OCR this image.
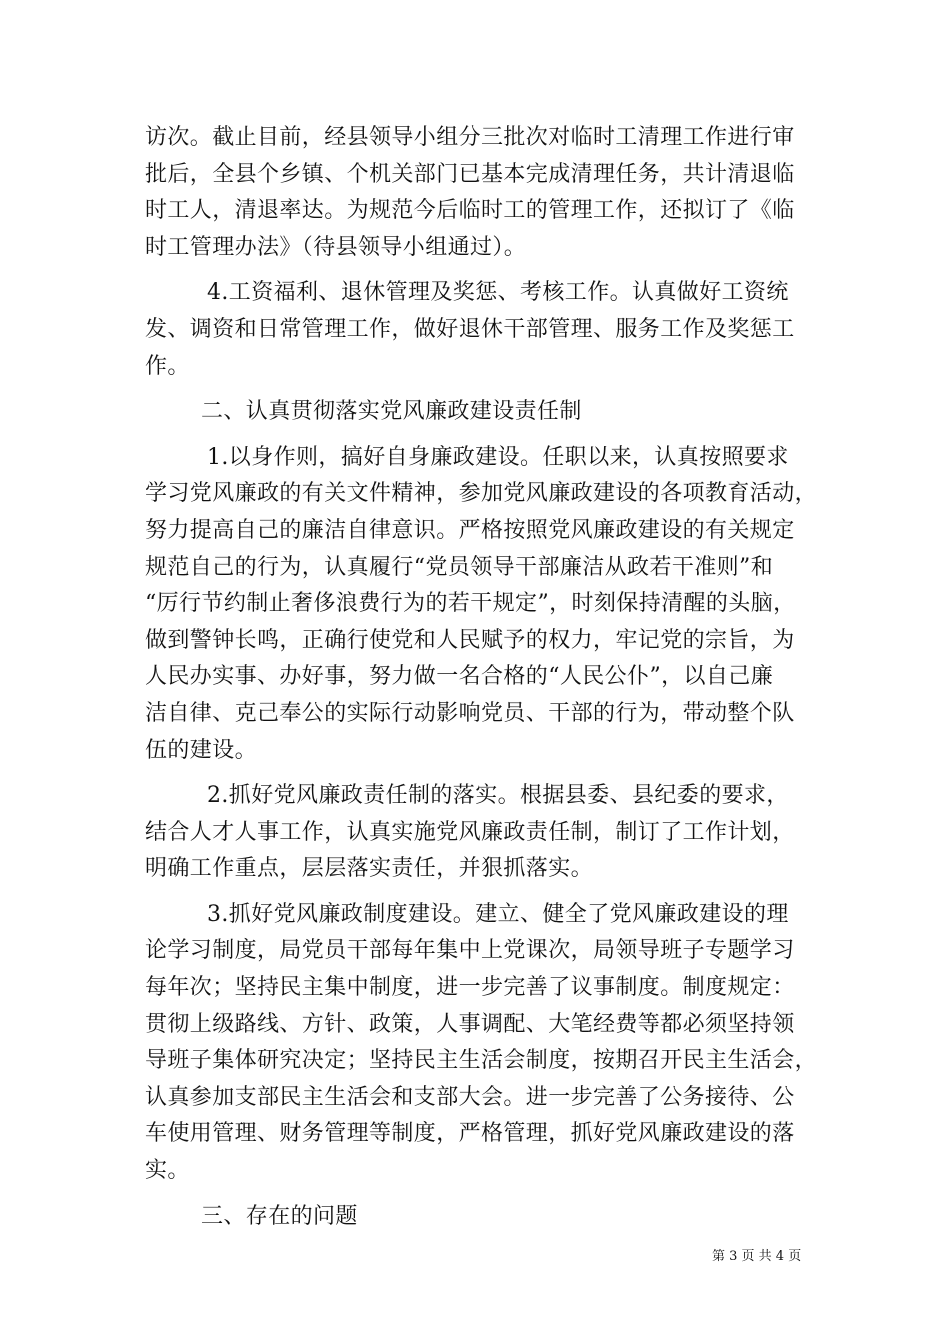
访次。截止目前，经县领导小组分三批次对临时工清理工作进行审
批后，全县个乡镇、个机关部门已基本完成清理任务，共计清退临
时工人，清退率达。为规范今后临时工的管理工作，还拟订了《临
时工管理办法》（待县领导小组通过）。
4.工资福利、退休管理及奖惩、考核工作。认真做好工资统
发、调资和日常管理工作，做好退休干部管理、服务工作及奖惩工
作。
二、认真贯彻落实党风廉政建设责任制
1.以身作则，搞好自身廉政建设。任职以来，认真按照要求
学习党风廉政的有关文件精神，参加党风廉政建设的各项教育活动，
努力提高自己的廉洁自律意识。严格按照党风廉政建设的有关规定
规范自己的行为，认真履行“党员领导干部廉洁从政若干准则”和
“厉行节约制止奢侈浪费行为的若干规定”，时刻保持清醒的头脑，
做到警钟长鸣，正确行使党和人民赋予的权力，牢记党的宗旨，为
人民办实事、办好事，努力做一名合格的“人民公仆”，以自己廉
洁自律、克己奉公的实际行动影响党员、干部的行为，带动整个队
伍的建设。
2.抓好党风廉政责任制的落实。根据县委、县纪委的要求，
结合人才人事工作，认真实施党风廉政责任制，制订了工作计划，
明确工作重点，层层落实责任，并狠抓落实。
3.抓好党风廉政制度建设。建立、健全了党风廉政建设的理
论学习制度，局党员干部每年集中上党课次，局领导班子专题学习
每年次；坚持民主集中制度，进一步完善了议事制度。制度规定：
贯彻上级路线、方针、政策，人事调配、大笔经费等都必须坚持领
导班子集体研究决定；坚持民主生活会制度，按期召开民主生活会，
认真参加支部民主生活会和支部大会。进一步完善了公务接待、公
车使用管理、财务管理等制度，严格管理，抓好党风廉政建设的落
实。
三、存在的问题
第 3 页 共 4 页
